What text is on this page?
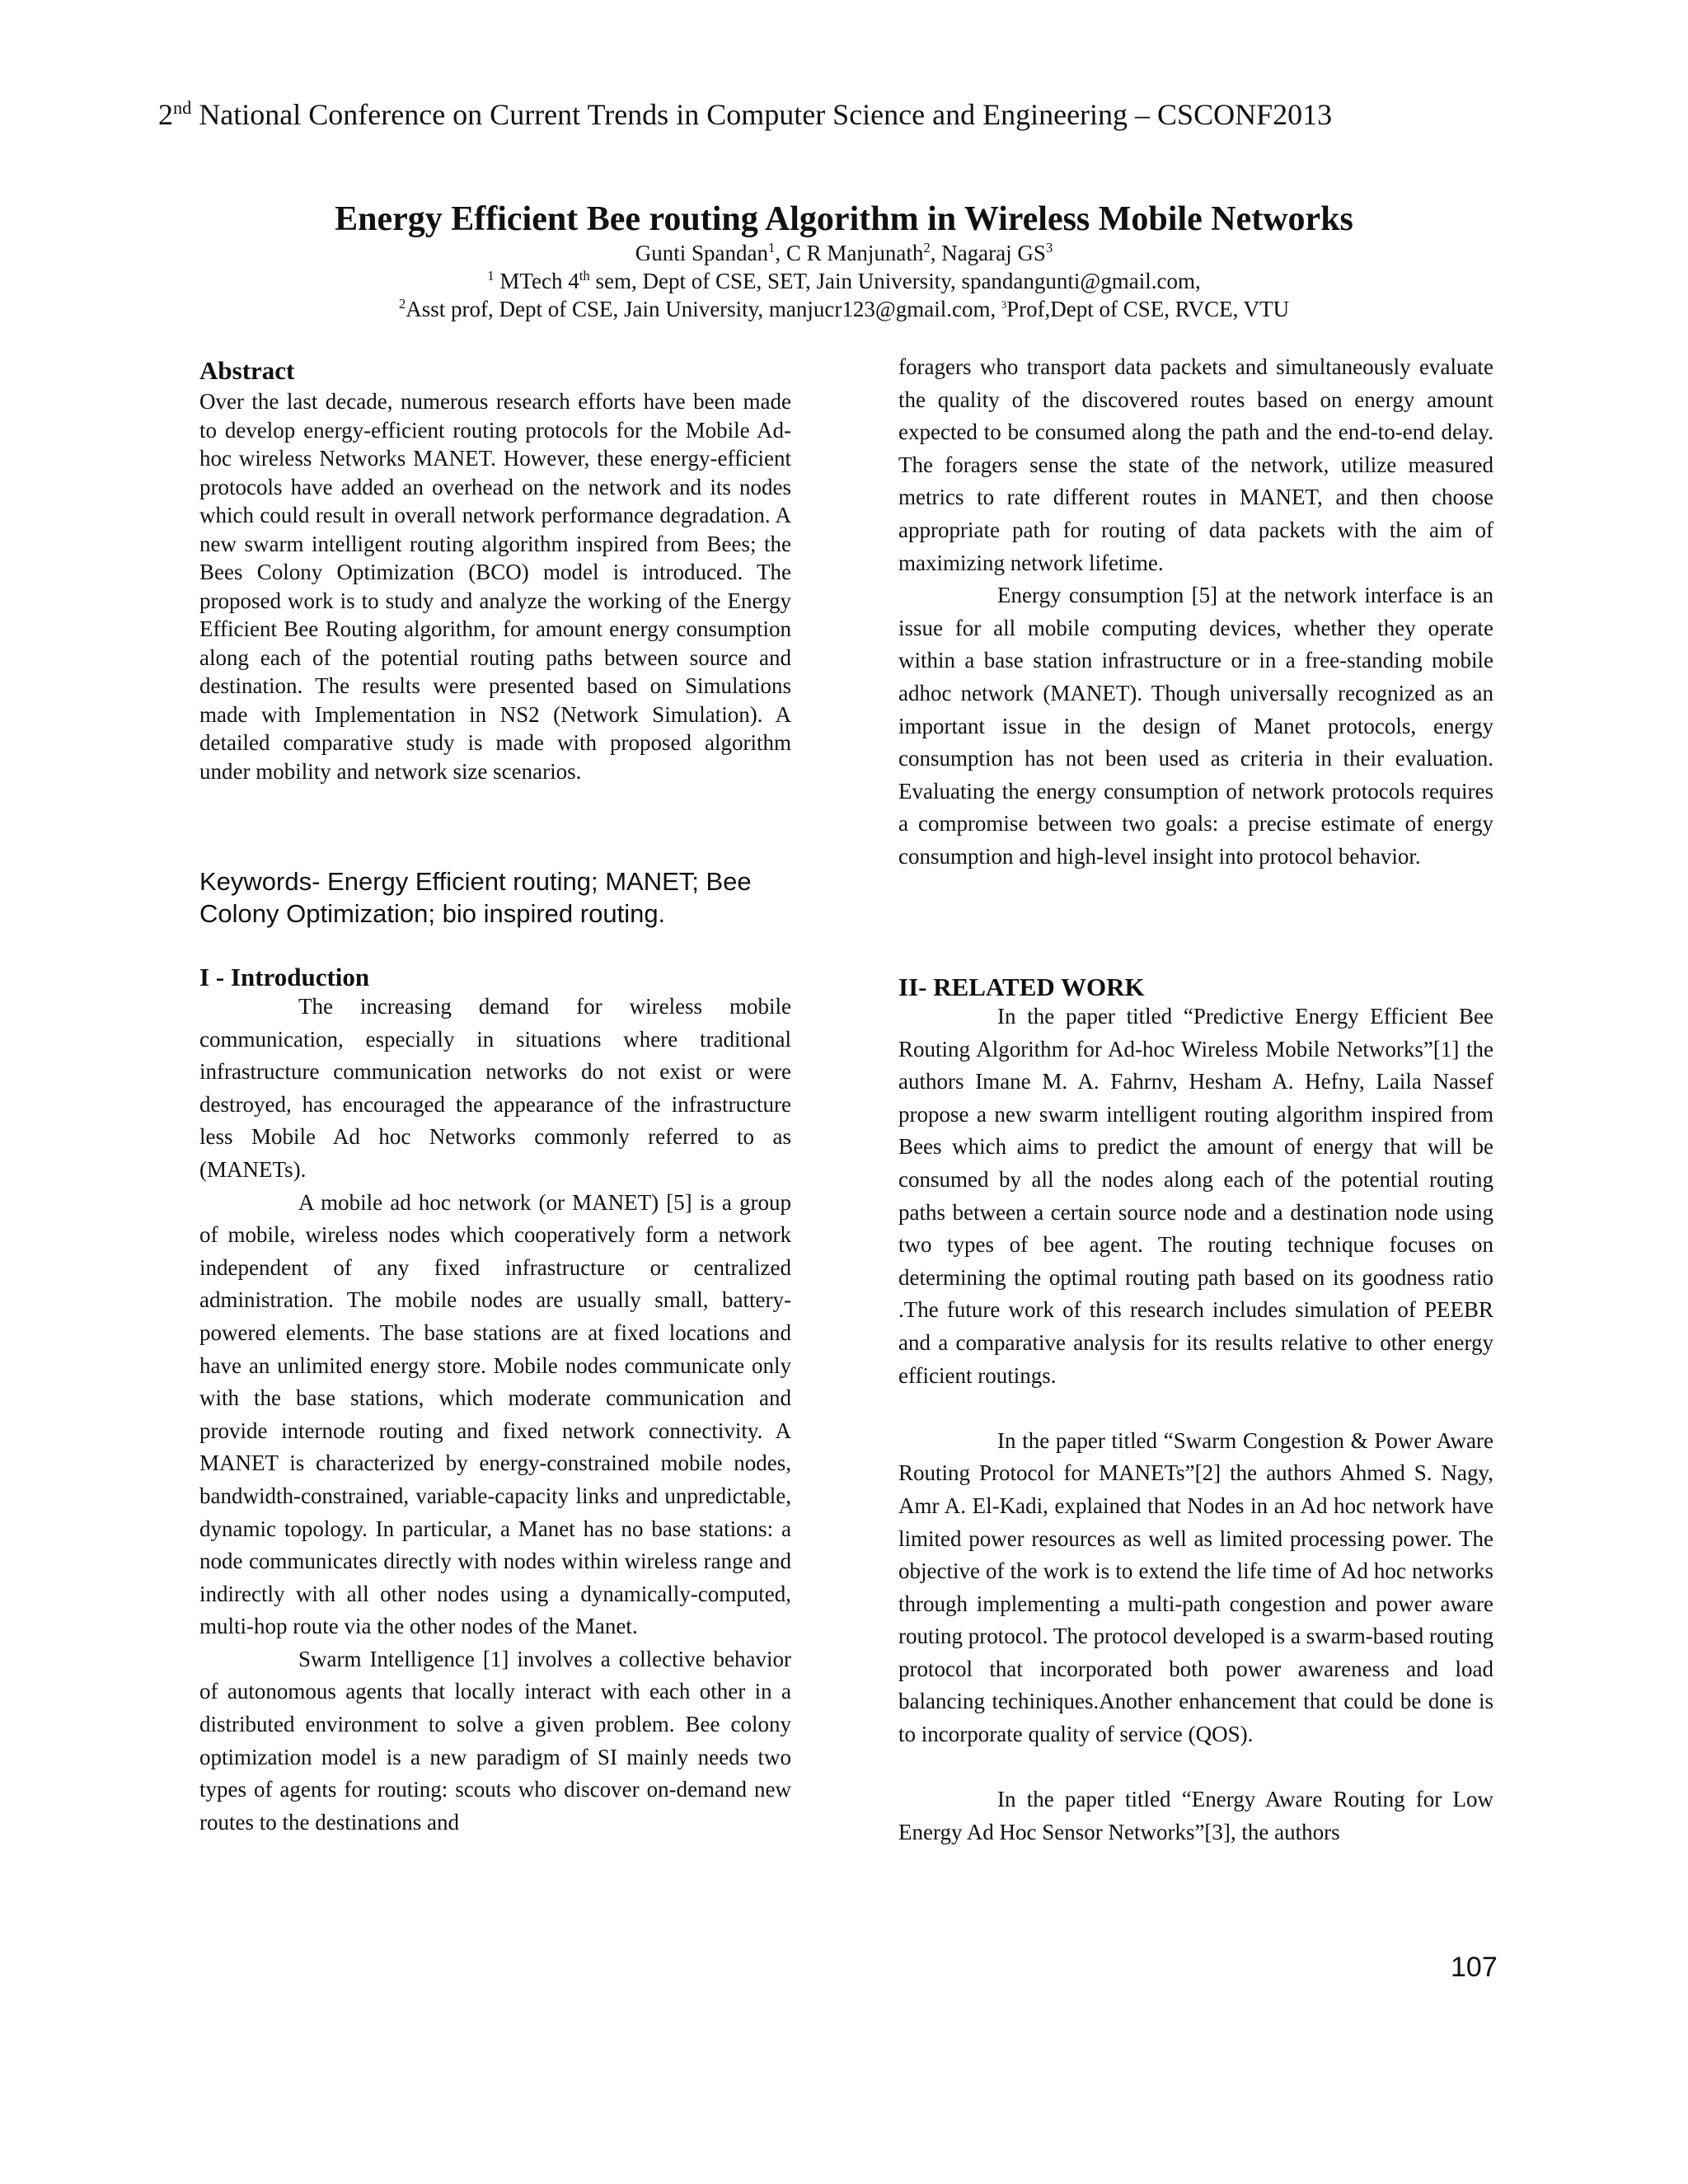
2nd National Conference on Current Trends in Computer Science and Engineering – CSCONF2013
Energy Efficient Bee routing Algorithm in Wireless Mobile Networks
Gunti Spandan$^1$, C R Manjunath$^2$, Nagaraj $GS^3$
$^1$ MTech 4th sem, Dept of CSE, SET, Jain University, spandangunti@gmail.com,
$^2$Asst prof, Dept of CSE, Jain University, manjucr123@gmail.com, $^3$Prof,Dept of CSE, RVCE, VTU
Abstract
Over the last decade, numerous research efforts have been made to develop energy-efficient routing protocols for the Mobile Ad-hoc wireless Networks MANET. However, these energy-efficient protocols have added an overhead on the network and its nodes which could result in overall network performance degradation. A new swarm intelligent routing algorithm inspired from Bees; the Bees Colony Optimization (BCO) model is introduced. The proposed work is to study and analyze the working of the Energy Efficient Bee Routing algorithm, for amount energy consumption along each of the potential routing paths between source and destination. The results were presented based on Simulations made with Implementation in NS2 (Network Simulation). A detailed comparative study is made with proposed algorithm under mobility and network size scenarios.
Keywords- Energy Efficient routing; MANET; Bee Colony Optimization; bio inspired routing.
I - Introduction

The increasing demand for wireless mobile communication, especially in situations where traditional infrastructure communication networks do not exist or were destroyed, has encouraged the appearance of the infrastructure less Mobile Ad hoc Networks commonly referred to as (MANETs).

A mobile ad hoc network (or MANET) [5] is a group of mobile, wireless nodes which cooperatively form a network independent of any fixed infrastructure or centralized administration. The mobile nodes are usually small, battery-powered elements. The base stations are at fixed locations and have an unlimited energy store. Mobile nodes communicate only with the base stations, which moderate communication and provide internode routing and fixed network connectivity. A MANET is characterized by energy-constrained mobile nodes, bandwidth-constrained, variable-capacity links and unpredictable, dynamic topology. In particular, a Manet has no base stations: a node communicates directly with nodes within wireless range and indirectly with all other nodes using a dynamically-computed, multi-hop route via the other nodes of the Manet.

Swarm Intelligence [1] involves a collective behavior of autonomous agents that locally interact with each other in a distributed environment to solve a given problem. Bee colony optimization model is a new paradigm of SI mainly needs two types of agents for routing: scouts who discover on-demand new routes to the destinations and

foragers who transport data packets and simultaneously evaluate the quality of the discovered routes based on energy amount expected to be consumed along the path and the end-to-end delay. The foragers sense the state of the network, utilize measured metrics to rate different routes in MANET, and then choose appropriate path for routing of data packets with the aim of maximizing network lifetime.

Energy consumption [5] at the network interface is an issue for all mobile computing devices, whether they operate within a base station infrastructure or in a free-standing mobile adhoc network (MANET). Though universally recognized as an important issue in the design of Manet protocols, energy consumption has not been used as criteria in their evaluation. Evaluating the energy consumption of network protocols requires a compromise between two goals: a precise estimate of energy consumption and high-level insight into protocol behavior.

II- RELATED WORK

In the paper titled “Predictive Energy Efficient Bee Routing Algorithm for Ad-hoc Wireless Mobile Networks”[1] the authors Imane M. A. Fahrnv, Hesham A. Hefny, Laila Nassef propose a new swarm intelligent routing algorithm inspired from Bees which aims to predict the amount of energy that will be consumed by all the nodes along each of the potential routing paths between a certain source node and a destination node using two types of bee agent. The routing technique focuses on determining the optimal routing path based on its goodness ratio .The future work of this research includes simulation of PEEBR and a comparative analysis for its results relative to other energy efficient routings.

In the paper titled “Swarm Congestion & Power Aware Routing Protocol for MANETs”[2] the authors Ahmed S. Nagy, Amr A. El-Kadi, explained that Nodes in an Ad hoc network have limited power resources as well as limited processing power. The objective of the work is to extend the life time of Ad hoc networks through implementing a multi-path congestion and power aware routing protocol. The protocol developed is a swarm-based routing protocol that incorporated both power awareness and load balancing techiniques.Another enhancement that could be done is to incorporate quality of service (QOS).

In the paper titled “Energy Aware Routing for Low Energy Ad Hoc Sensor Networks”[3], the authors

107
